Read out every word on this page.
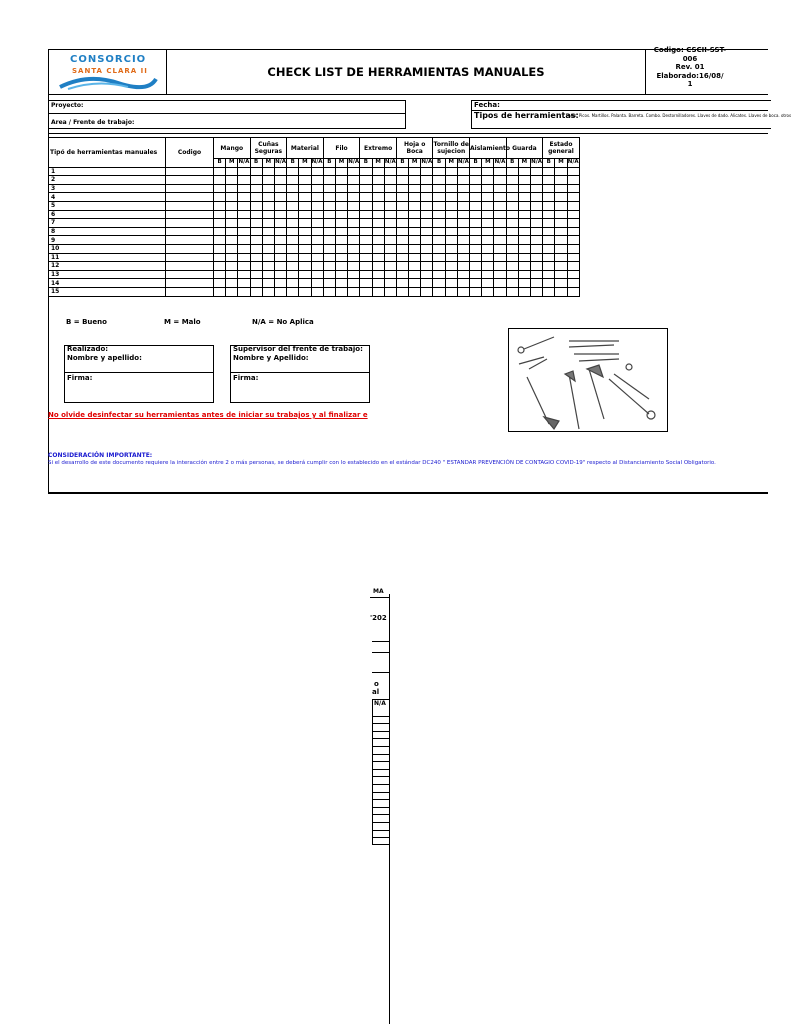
CONSORCIO
SANTA CLARA II	CHECK LIST DE HERRAMIENTAS MANUALES
Codigo: CSCII-SST-
006
Rev. 01
Elaborado:16/08/
1
Proyecto:
Area / Frente de trabajo:
Fecha:
Tipos de herramientas:
Palas. Picos. Martillos. Palanta. Barreta. Combo. Destornilladores. Llaves de dado. Alicates. Llaves de boca. otros
Tipó de herramientas manuales	Codigo	Mango			Cuñas Seguras			Material			Filo			Extremo			Hoja o Boca			Tornillo de sujecion			Aislamiento			Guarda			Estado general		
		B	M	N/A	B	M	N/A	B	M	N/A	B	M	N/A	B	M	N/A	B	M	N/A	B	M	N/A	B	M	N/A	B	M	N/A	B	M	N/A
1																															
2																															
3																															
4																															
5																															
6																															
7																															
8																															
9																															
10																															
11																															
12																															
13																															
14																															
15																															
B = Bueno	M = Malo	N/A = No Aplica
Realizado:
Nombre y apellido:
Firma:
Supervisor del frente de trabajo:
Nombre y Apellido:
Firma:
No olvide desinfectar su herramientas antes de iniciar su trabajos y al finalizar e
CONSIDERACIÓN IMPORTANTE:
Si el desarrollo de este documento requiere la interacción entre 2 o más personas, se deberá cumplir con lo establecido en el estándar DC240 " ESTANDAR PREVENCIÓN DE CONTAGIO COVID-19" respecto al Distanciamiento Social Obligatorio.
MA
'202
o
al
N/A
